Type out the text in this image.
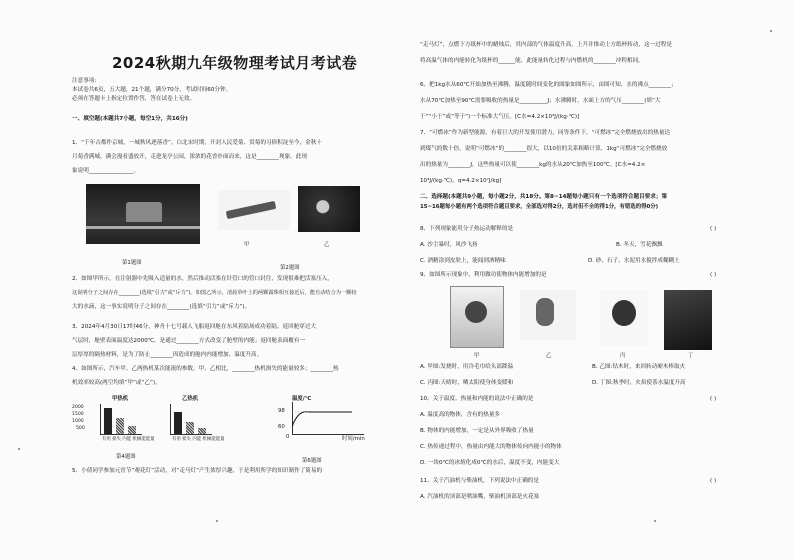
2024秋期九年级物理考试月考试卷
注意事项:
本试卷共6页，五大题，21个题，满分70分，考试时间60分钟。
必须在答题卡上指定位置作答，答在试卷上无效。
一、填空题(本题共7小题，每空1分，共16分)
1、“千年古都作京城，一城秋风逐落香”。白北宋时期，开封人民爱菊、赏菊的习俗积淀至今，金秋十
月菊香满城，满会漫看盛放开，走进龙亭公园，浓浓的花香扑面而来，这是________现象。此现
象说明________________。
第1题图
甲	乙
第2题图
2、如图甲所示，在注射器中先吸入适量的水，然后推动活塞在针管口的管口封住，发现很难把活塞压入，
这说明分子之间存在________(选填“引力”或“斥力”)。如图乙所示，清晨草叶上的两颗露珠相互接近后，能自动结合为一颗较
大的水滴，这一事实说明分子之间存在________(选填“引力”或“斥力”)。
3、2024年4月30日17时46分，神舟十七号载人飞船返回舱在东风着陆场成功着陆。返回舱穿过大
气层时，舱壁表面温度达2000℃，是通过________方式改变了舱壁的内能；返回舱表面覆有一
层厚厚的隔热材料，是为了防止________因造成的舱内内能增加、温度升高。
4、如图所示，汽车甲、乙两热机某次能流的参数。甲、乙相比，________热机损失的能量较多；________热
机效率较高(两空均填“甲”或“乙”)。
甲热机	乙热机
2000
1500
1000
500
有用 损失 内能 机械能能量	有用 损失 内能 机械能能量
第4题图
温度/℃
98
60
0	时间/min
第6题图
5、小倩同学参加元宵节“观花灯”活动，对“走马灯”产生浓厚兴趣，于是利用所学的知识制作了简易的
“走马灯”，点燃下方纸杯中的蜡烛后，其内部的气体温度升高，上升并推动上方纸杯转动，这一过程是
将高温气体的内能转化为纸杯的______能，此能量转化过程与内燃机的________冲程相同。
6、把1kg水从60℃开始加热至沸腾，温度随时间变化的图象如图所示，由图可知，水的沸点________；
水从70℃加热至90℃需要吸收的热量是__________J；水沸腾时，水面上方的气压________(填“大
于”“小于”或“等于”)一个标准大气压。[C水=4.2×10³J/(kg·℃)]
7、“可燃冰”作为新型能源，有着巨大的开发使用潜力，同等条件下，“可燃冰”完全燃烧放出的热量达
到煤气的数十倍，说明“可燃冰”的________很大，以10倍的关系粗略计算，1kg“可燃冰”完全燃烧放
出的热量为________J，这些热量可以使________kg的水从20℃加热至100℃。[C水=4.2×
10³J/(kg·℃)，q=4.2×10⁷J/kg]
二、选择题(本题共9小题，每小题2分，共18分。第8~14题每小题只有一个选项符合题目要求；第
15~16题每小题有两个选项符合题目要求，全部选对得2分，选对但不全的得1分，有错选的得0分)
8、下列现象能用分子热运动解释的是	( )
A. 沙尘暴时，风沙飞扬	B. 冬天，雪花飘飘
C. 酒精涂到皮肤上，能闻到酒精味	D. 砂、石子、水泥用水搅拌成糊糊土
9、如图所示现象中，利用做功使物体内能增加的是	( )
甲	乙	丙	丁
A. 甲图:发烧时，用冷毛巾给头部降温	B. 乙图:钻木时，来回转动硬木棒取火
C. 丙图:天晴时，晒太阳使身体变暖和	D. 丁图:秋季时，火焰使茶水温度升高
10、关于温度、热量和内能的说法中正确的是	( )
A. 温度高的物体，含有的热量多
B. 物体的内能增加，一定是从外界吸收了热量
C. 热传递过程中，热量由内能大的物体传向内能小的物体
D. 一块0℃的冰熔化成0℃的水后，温度不变，内能变大
11、关于汽油机与柴油机，下列说法中正确的是	( )
A. 汽油机的顶部是喷油嘴，柴油机顶部是火花塞
